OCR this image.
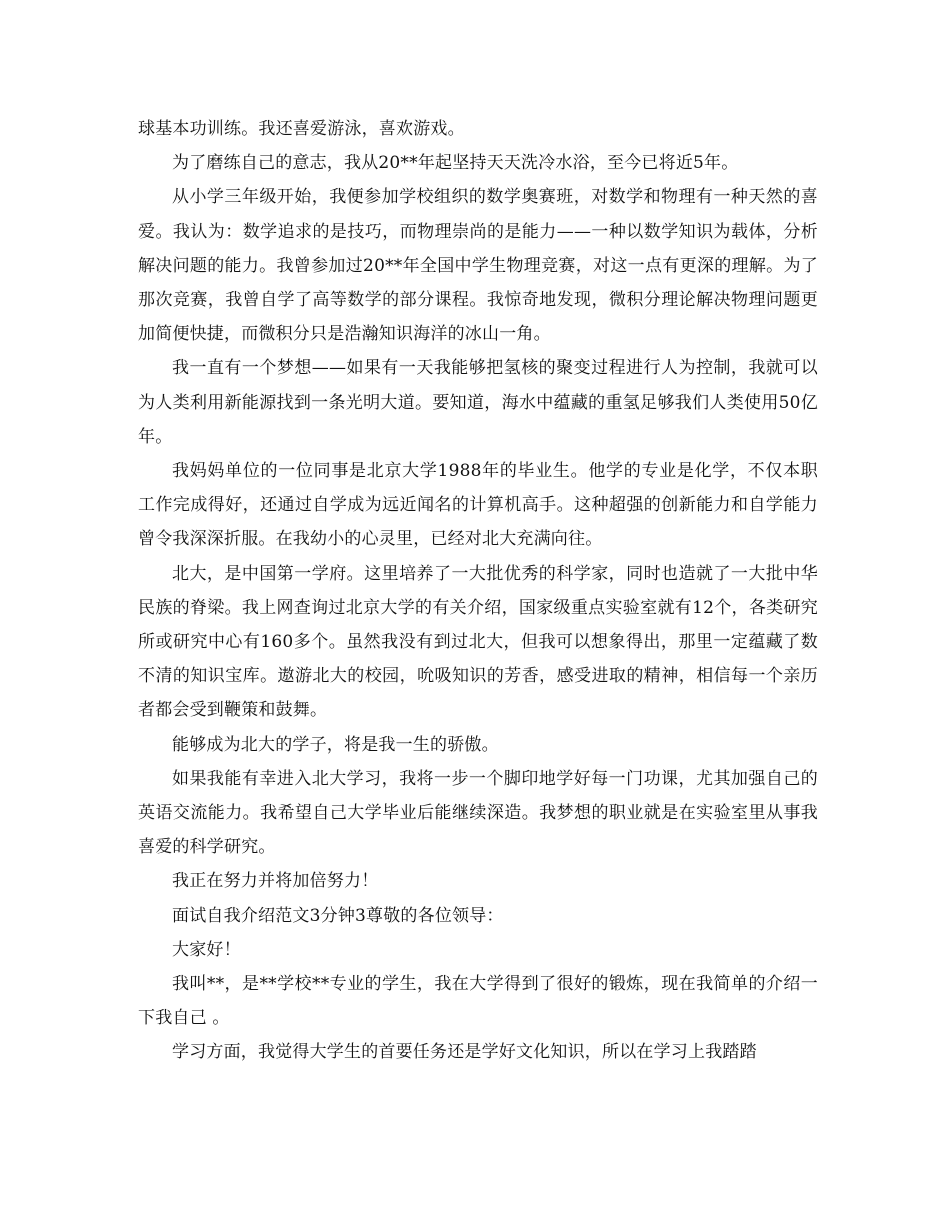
球基本功训练。我还喜爱游泳，喜欢游戏。

为了磨练自己的意志，我从20**年起坚持天天洗冷水浴，至今已将近5年。

从小学三年级开始，我便参加学校组织的数学奥赛班，对数学和物理有一种天然的喜爱。我认为：数学追求的是技巧，而物理崇尚的是能力——一种以数学知识为载体，分析解决问题的能力。我曾参加过20**年全国中学生物理竞赛，对这一点有更深的理解。为了那次竞赛，我曾自学了高等数学的部分课程。我惊奇地发现，微积分理论解决物理问题更加简便快捷，而微积分只是浩瀚知识海洋的冰山一角。

我一直有一个梦想——如果有一天我能够把氢核的聚变过程进行人为控制，我就可以为人类利用新能源找到一条光明大道。要知道，海水中蕴藏的重氢足够我们人类使用50亿年。

我妈妈单位的一位同事是北京大学1988年的毕业生。他学的专业是化学，不仅本职工作完成得好，还通过自学成为远近闻名的计算机高手。这种超强的创新能力和自学能力曾令我深深折服。在我幼小的心灵里，已经对北大充满向往。

北大，是中国第一学府。这里培养了一大批优秀的科学家，同时也造就了一大批中华民族的脊梁。我上网查询过北京大学的有关介绍，国家级重点实验室就有12个，各类研究所或研究中心有160多个。虽然我没有到过北大，但我可以想象得出，那里一定蕴藏了数不清的知识宝库。遨游北大的校园，吮吸知识的芳香，感受进取的精神，相信每一个亲历者都会受到鞭策和鼓舞。

能够成为北大的学子，将是我一生的骄傲。

如果我能有幸进入北大学习，我将一步一个脚印地学好每一门功课，尤其加强自己的英语交流能力。我希望自己大学毕业后能继续深造。我梦想的职业就是在实验室里从事我喜爱的科学研究。

我正在努力并将加倍努力！

面试自我介绍范文3分钟3尊敬的各位领导：

大家好！

我叫**，是**学校**专业的学生，我在大学得到了很好的锻炼，现在我简单的介绍一下我自己 。

学习方面，我觉得大学生的首要任务还是学好文化知识，所以在学习上我踏踏
